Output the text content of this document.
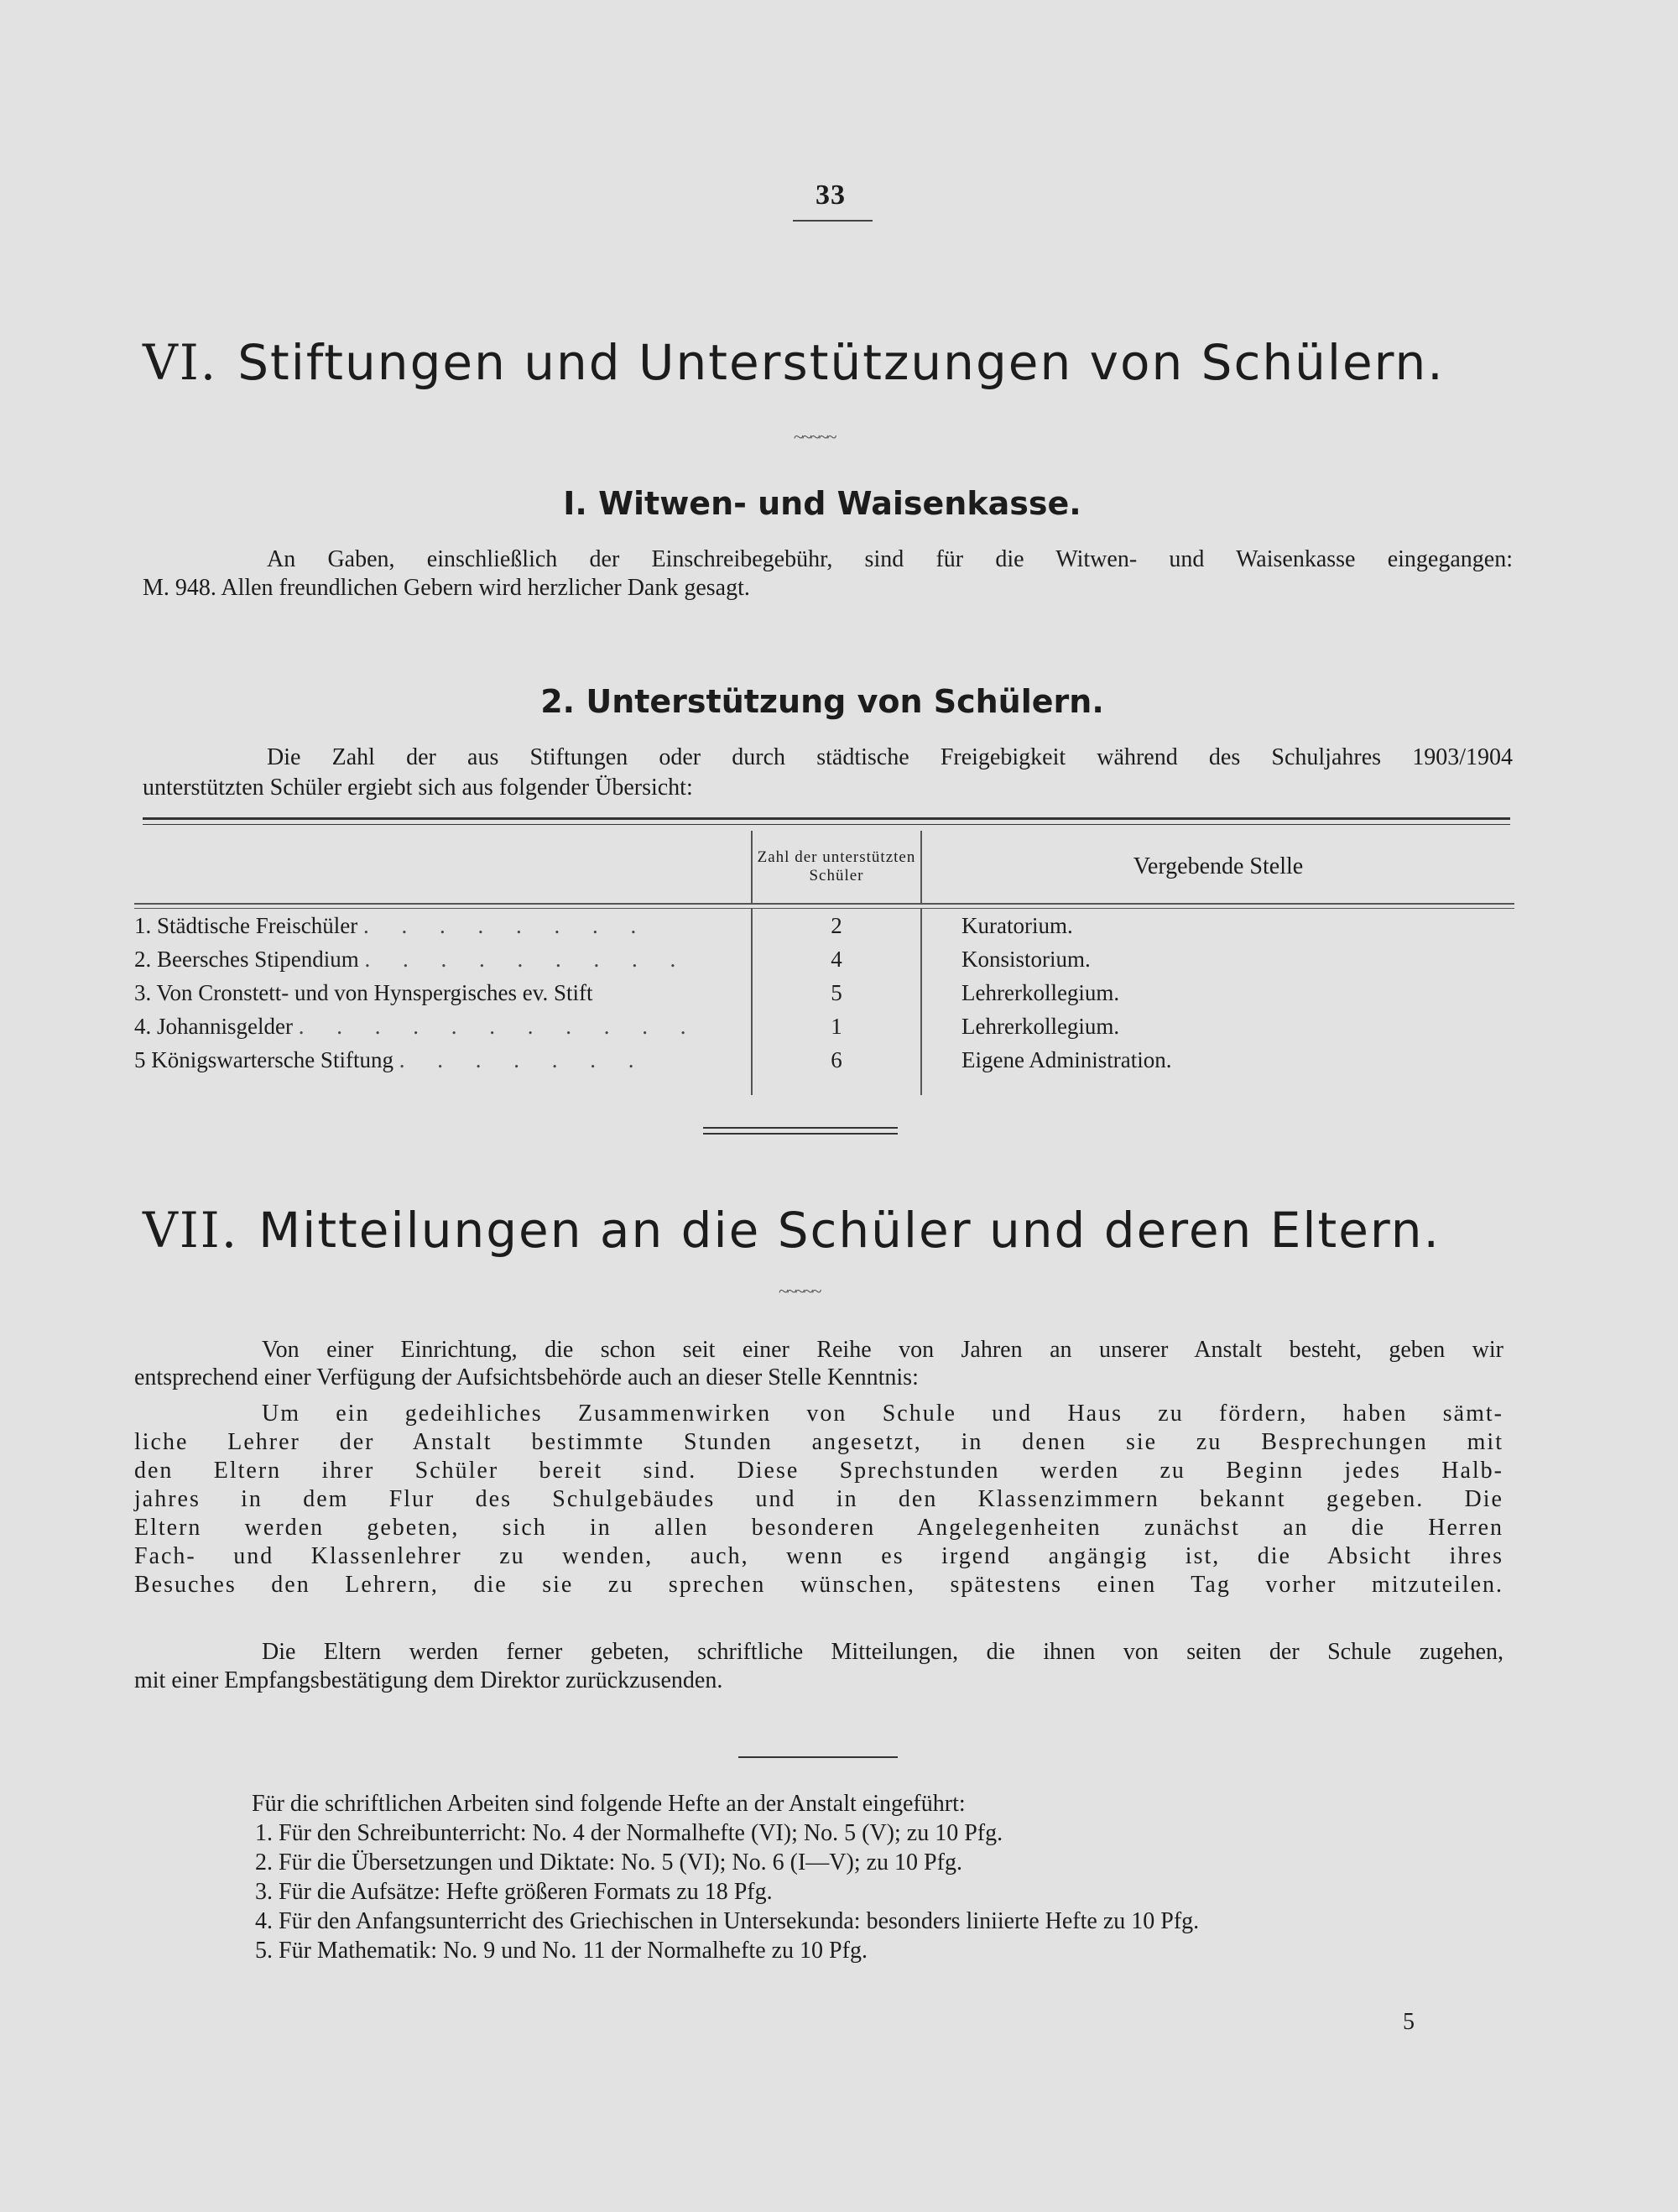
33
VI. Stiftungen und Unterstützungen von Schülern.
~~~~~
I. Witwen- und Waisenkasse.
An Gaben, einschließlich der Einschreibegebühr, sind für die Witwen- und Waisenkasse eingegangen:
M. 948. Allen freundlichen Gebern wird herzlicher Dank gesagt.
2. Unterstützung von Schülern.
Die Zahl der aus Stiftungen oder durch städtische Freigebigkeit während des Schuljahres 1903/1904
unterstützten Schüler ergiebt sich aus folgender Übersicht:
	Zahl der unterstützten Schüler	Vergebende Stelle

1. Städtische Freischüler . . . . . . . .	2	Kuratorium.
2. Beersches Stipendium . . . . . . . . .	4	Konsistorium.
3. Von Cronstett- und von Hynspergisches ev. Stift	5	Lehrerkollegium.
4. Johannisgelder . . . . . . . . . . .	1	Lehrerkollegium.
5 Königswartersche Stiftung . . . . . . .	6	Eigene Administration.

VII. Mitteilungen an die Schüler und deren Eltern.
~~~~~
Von einer Einrichtung, die schon seit einer Reihe von Jahren an unserer Anstalt besteht, geben wir
entsprechend einer Verfügung der Aufsichtsbehörde auch an dieser Stelle Kenntnis:
Um ein gedeihliches Zusammenwirken von Schule und Haus zu fördern, haben sämt-
liche Lehrer der Anstalt bestimmte Stunden angesetzt, in denen sie zu Besprechungen mit
den Eltern ihrer Schüler bereit sind. Diese Sprechstunden werden zu Beginn jedes Halb-
jahres in dem Flur des Schulgebäudes und in den Klassenzimmern bekannt gegeben. Die
Eltern werden gebeten, sich in allen besonderen Angelegenheiten zunächst an die Herren
Fach- und Klassenlehrer zu wenden, auch, wenn es irgend angängig ist, die Absicht ihres
Besuches den Lehrern, die sie zu sprechen wünschen, spätestens einen Tag vorher mitzuteilen.
Die Eltern werden ferner gebeten, schriftliche Mitteilungen, die ihnen von seiten der Schule zugehen,
mit einer Empfangsbestätigung dem Direktor zurückzusenden.
Für die schriftlichen Arbeiten sind folgende Hefte an der Anstalt eingeführt:
1. Für den Schreibunterricht: No. 4 der Normalhefte (VI); No. 5 (V); zu 10 Pfg.
2. Für die Übersetzungen und Diktate: No. 5 (VI); No. 6 (I—V); zu 10 Pfg.
3. Für die Aufsätze: Hefte größeren Formats zu 18 Pfg.
4. Für den Anfangsunterricht des Griechischen in Untersekunda: besonders liniierte Hefte zu 10 Pfg.
5. Für Mathematik: No. 9 und No. 11 der Normalhefte zu 10 Pfg.
5
